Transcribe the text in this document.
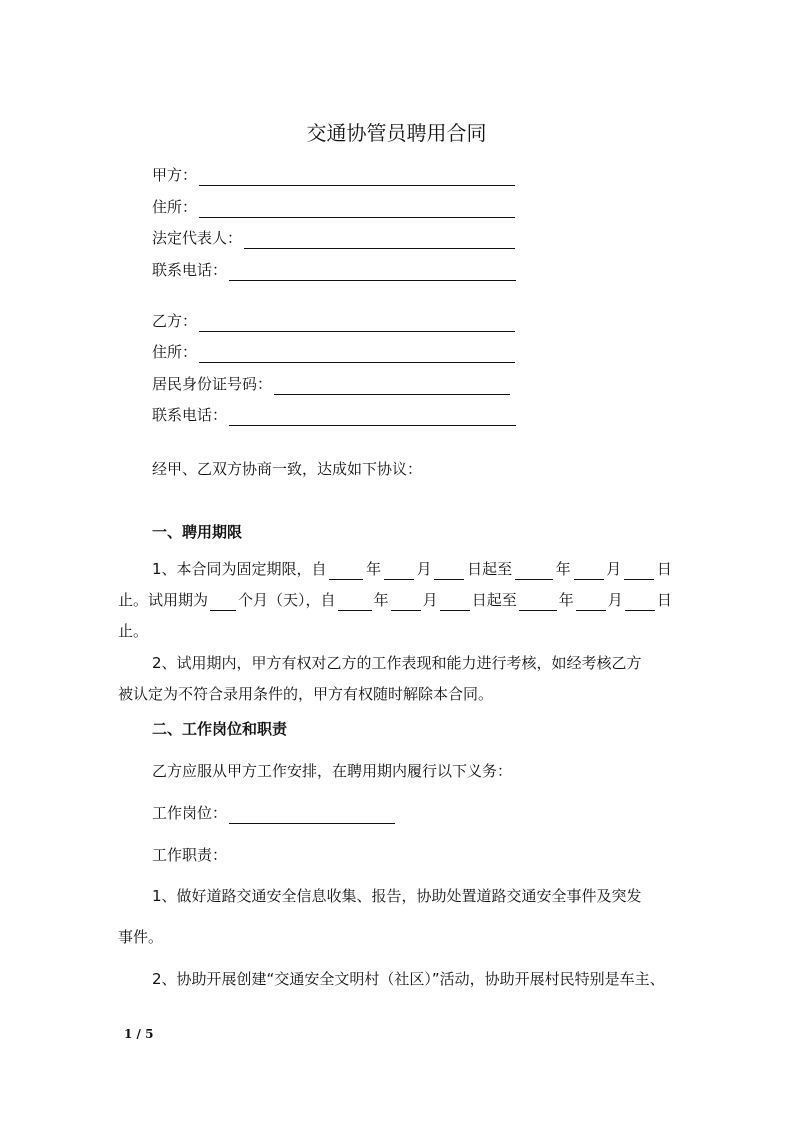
交通协管员聘用合同
甲方：
住所：
法定代表人：
联系电话：
乙方：
住所：
居民身份证号码：
联系电话：
经甲、乙双方协商一致，达成如下协议：
一、聘用期限
1、本合同为固定期限，自	年 月 日起至	年 月 日
止。试用期为 个月（天），自	年 月 日起至	年 月 日
止。
2、试用期内，甲方有权对乙方的工作表现和能力进行考核，如经考核乙方
被认定为不符合录用条件的，甲方有权随时解除本合同。
二、工作岗位和职责
乙方应服从甲方工作安排，在聘用期内履行以下义务：
工作岗位：
工作职责：
1、做好道路交通安全信息收集、报告，协助处置道路交通安全事件及突发
事件。
2、协助开展创建“交通安全文明村（社区）”活动，协助开展村民特别是车主、
1 / 5
